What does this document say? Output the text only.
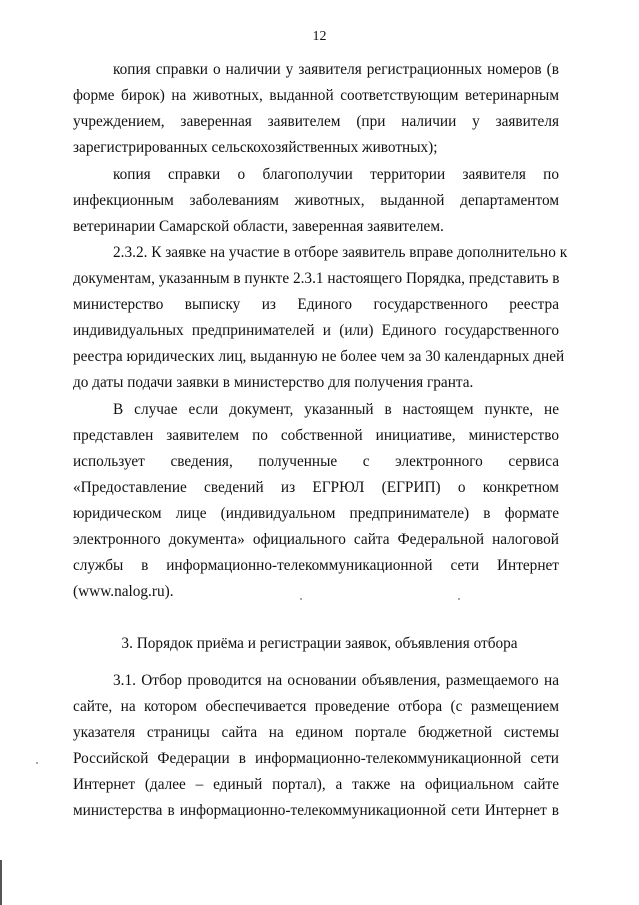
12
копия справки о наличии у заявителя регистрационных номеров (в
форме бирок) на животных, выданной соответствующим ветеринарным
учреждением, заверенная заявителем (при наличии у заявителя
зарегистрированных сельскохозяйственных животных);
копия справки о благополучии территории заявителя по
инфекционным заболеваниям животных, выданной департаментом
ветеринарии Самарской области, заверенная заявителем.
2.3.2. К заявке на участие в отборе заявитель вправе дополнительно к
документам, указанным в пункте 2.3.1 настоящего Порядка, представить в
министерство выписку из Единого государственного реестра
индивидуальных предпринимателей и (или) Единого государственного
реестра юридических лиц, выданную не более чем за 30 календарных дней
до даты подачи заявки в министерство для получения гранта.
В случае если документ, указанный в настоящем пункте, не
представлен заявителем по собственной инициативе, министерство
использует сведения, полученные с электронного сервиса
«Предоставление сведений из ЕГРЮЛ (ЕГРИП) о конкретном
юридическом лице (индивидуальном предпринимателе) в формате
электронного документа» официального сайта Федеральной налоговой
службы в информационно-телекоммуникационной сети Интернет
(www.nalog.ru).
3. Порядок приёма и регистрации заявок, объявления отбора
3.1. Отбор проводится на основании объявления, размещаемого на
сайте, на котором обеспечивается проведение отбора (с размещением
указателя страницы сайта на едином портале бюджетной системы
Российской Федерации в информационно-телекоммуникационной сети
Интернет (далее – единый портал), а также на официальном сайте
министерства в информационно-телекоммуникационной сети Интернет в
